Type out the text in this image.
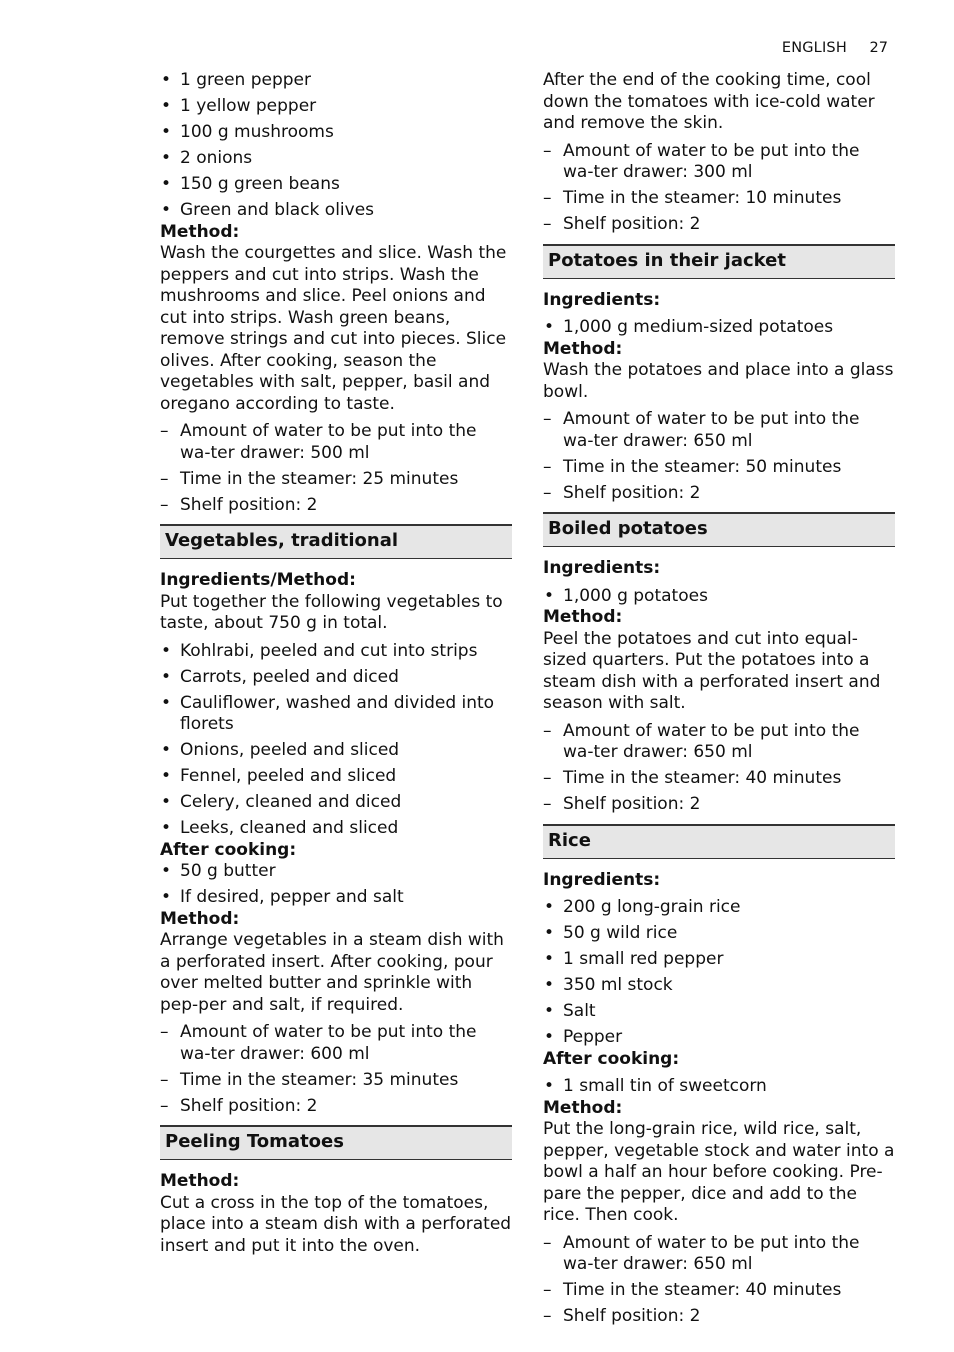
ENGLISH 27
• 1 green pepper
• 1 yellow pepper
• 100 g mushrooms
• 2 onions
• 150 g green beans
• Green and black olives

Method:

Wash the courgettes and slice. Wash the peppers and cut into strips. Wash the mushrooms and slice. Peel onions and cut into strips. Wash green beans, remove strings and cut into pieces. Slice olives. After cooking, season the vegetables with salt, pepper, basil and oregano according to taste.

– Amount of water to be put into the wa-ter drawer: 500 ml
– Time in the steamer: 25 minutes
– Shelf position: 2
Vegetables, traditional

Ingredients/Method:

Put together the following vegetables to taste, about 750 g in total.

• Kohlrabi, peeled and cut into strips
• Carrots, peeled and diced
• Cauliflower, washed and divided into florets
• Onions, peeled and sliced
• Fennel, peeled and sliced
• Celery, cleaned and diced
• Leeks, cleaned and sliced

After cooking:

• 50 g butter
• If desired, pepper and salt

Method:

Arrange vegetables in a steam dish with a perforated insert. After cooking, pour over melted butter and sprinkle with pep-per and salt, if required.

– Amount of water to be put into the wa-ter drawer: 600 ml
– Time in the steamer: 35 minutes
– Shelf position: 2
Peeling Tomatoes

Method:

Cut a cross in the top of the tomatoes, place into a steam dish with a perforated insert and put it into the oven.

After the end of the cooking time, cool down the tomatoes with ice-cold water and remove the skin.

– Amount of water to be put into the wa-ter drawer: 300 ml
– Time in the steamer: 10 minutes
– Shelf position: 2
Potatoes in their jacket

Ingredients:

• 1,000 g medium-sized potatoes

Method:

Wash the potatoes and place into a glass bowl.

– Amount of water to be put into the wa-ter drawer: 650 ml
– Time in the steamer: 50 minutes
– Shelf position: 2
Boiled potatoes

Ingredients:

• 1,000 g potatoes

Method:

Peel the potatoes and cut into equal-sized quarters. Put the potatoes into a steam dish with a perforated insert and season with salt.

– Amount of water to be put into the wa-ter drawer: 650 ml
– Time in the steamer: 40 minutes
– Shelf position: 2
Rice

Ingredients:

• 200 g long-grain rice
• 50 g wild rice
• 1 small red pepper
• 350 ml stock
• Salt
• Pepper

After cooking:

• 1 small tin of sweetcorn

Method:

Put the long-grain rice, wild rice, salt, pepper, vegetable stock and water into a bowl a half an hour before cooking. Pre-pare the pepper, dice and add to the rice. Then cook.

– Amount of water to be put into the wa-ter drawer: 650 ml
– Time in the steamer: 40 minutes
– Shelf position: 2
